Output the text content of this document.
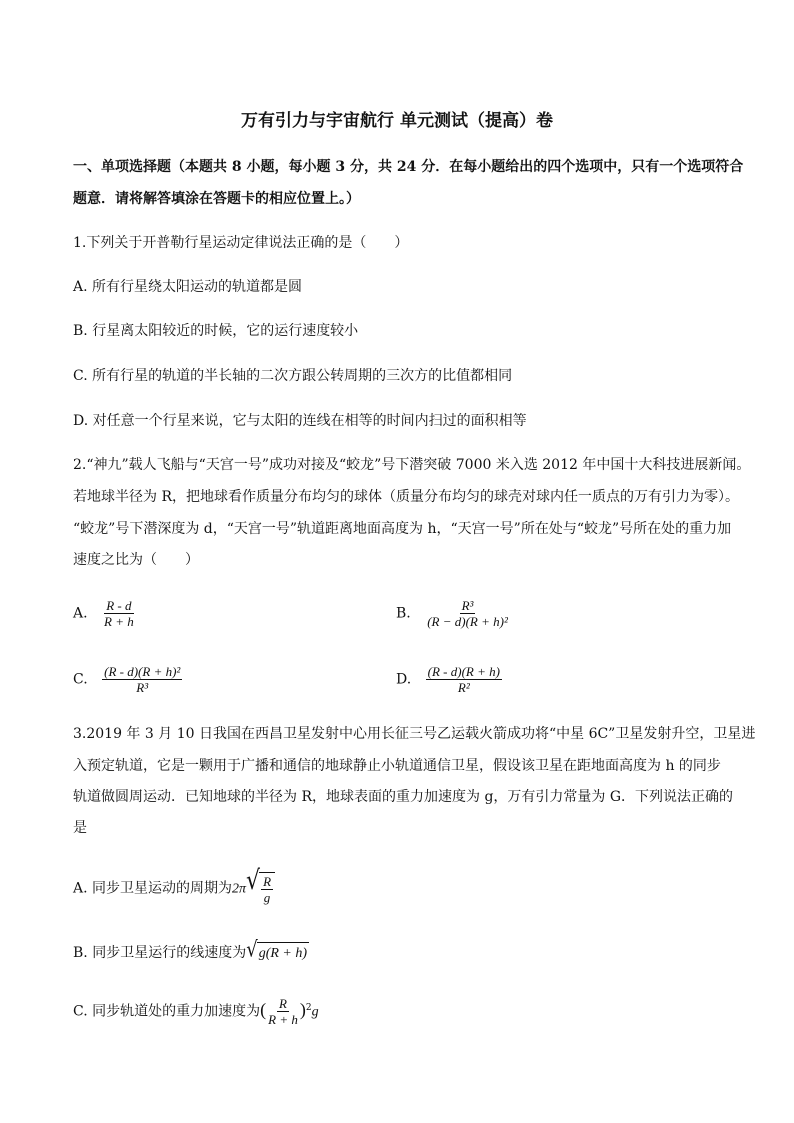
万有引力与宇宙航行 单元测试（提高）卷
一、单项选择题（本题共 8 小题，每小题 3 分，共 24 分．在每小题给出的四个选项中，只有一个选项符合
题意．请将解答填涂在答题卡的相应位置上。）
1.下列关于开普勒行星运动定律说法正确的是（　　）
A. 所有行星绕太阳运动的轨道都是圆
B. 行星离太阳较近的时候，它的运行速度较小
C. 所有行星的轨道的半长轴的二次方跟公转周期的三次方的比值都相同
D. 对任意一个行星来说，它与太阳的连线在相等的时间内扫过的面积相等
2.“神九”载人飞船与“天宫一号”成功对接及“蛟龙”号下潜突破 7000 米入选 2012 年中国十大科技进展新闻。
若地球半径为 R，把地球看作质量分布均匀的球体（质量分布均匀的球壳对球内任一质点的万有引力为零）。
“蛟龙”号下潜深度为 d，“天宫一号”轨道距离地面高度为 h，“天宫一号”所在处与“蛟龙”号所在处的重力加
速度之比为（　　）
A. $\frac{R - d}{R + h}$	B. $\frac{\text{R³}}{\text{(R − d)(R + h)²}}$
C. $\frac{\text{(R - d)(R + h)²}}{\text{R³}}$	D. $\frac{(R - d)(R + h)}{\text{R²}}$
3.2019 年 3 月 10 日我国在西昌卫星发射中心用长征三号乙运载火箭成功将“中星 6C”卫星发射升空，卫星进
入预定轨道，它是一颗用于广播和通信的地球静止小轨道通信卫星，假设该卫星在距地面高度为 h 的同步
轨道做圆周运动．已知地球的半径为 R，地球表面的重力加速度为 g，万有引力常量为 G．下列说法正确的
是
A. 同步卫星运动的周期为2π √ $\frac{R}{g}$
B. 同步卫星运行的线速度为 √ g(R + h)
C. 同步轨道处的重力加速度为( $\frac{R}{R + h} )^2g$
